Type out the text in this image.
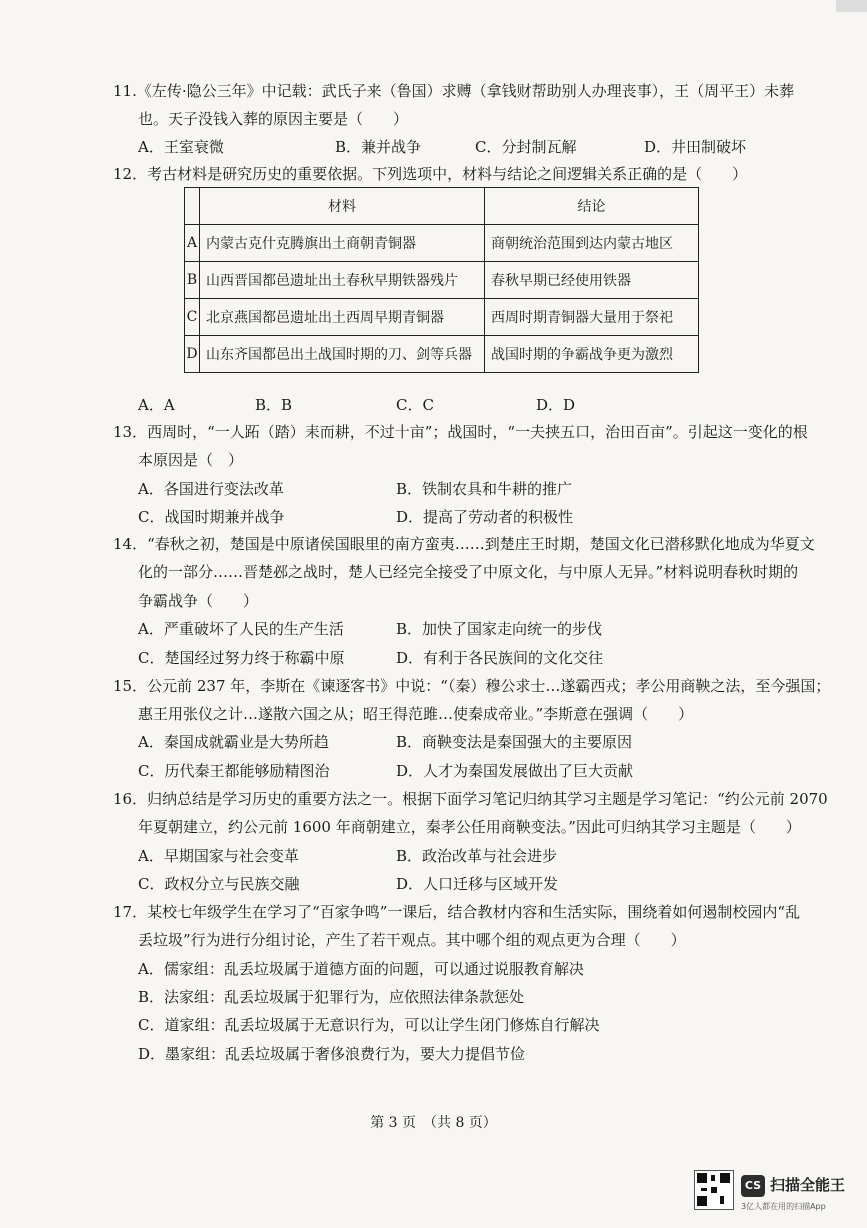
11.《左传·隐公三年》中记载：武氏子来（鲁国）求赙（拿钱财帮助别人办理丧事），王（周平王）未葬
也。天子没钱入葬的原因主要是（　　）
A．王室衰微	B．兼并战争	C．分封制瓦解	D．井田制破坏
12．考古材料是研究历史的重要依据。下列选项中，材料与结论之间逻辑关系正确的是（　　）
	材料	结论
A	内蒙古克什克腾旗出土商朝青铜器	商朝统治范围到达内蒙古地区
B	山西晋国都邑遗址出土春秋早期铁器残片	春秋早期已经使用铁器
C	北京燕国都邑遗址出土西周早期青铜器	西周时期青铜器大量用于祭祀
D	山东齐国都邑出土战国时期的刀、剑等兵器	战国时期的争霸战争更为激烈
A．A	B．B	C．C	D．D
13．西周时，“一人跖（踏）耒而耕，不过十亩”；战国时，“一夫挟五口，治田百亩”。引起这一变化的根
本原因是（　）
A．各国进行变法改革	B．铁制农具和牛耕的推广
C．战国时期兼并战争	D．提高了劳动者的积极性
14．“春秋之初，楚国是中原诸侯国眼里的南方蛮夷……到楚庄王时期，楚国文化已潜移默化地成为华夏文
化的一部分……晋楚邲之战时，楚人已经完全接受了中原文化，与中原人无异。”材料说明春秋时期的
争霸战争（　　）
A．严重破坏了人民的生产生活	B．加快了国家走向统一的步伐
C．楚国经过努力终于称霸中原	D．有利于各民族间的文化交往
15．公元前 237 年，李斯在《谏逐客书》中说：“（秦）穆公求士…遂霸西戎；孝公用商鞅之法，至今强国；
惠王用张仪之计…遂散六国之从；昭王得范雎…使秦成帝业。”李斯意在强调（　　）
A．秦国成就霸业是大势所趋	B．商鞅变法是秦国强大的主要原因
C．历代秦王都能够励精图治	D．人才为秦国发展做出了巨大贡献
16．归纳总结是学习历史的重要方法之一。根据下面学习笔记归纳其学习主题是学习笔记：“约公元前 2070
年夏朝建立，约公元前 1600 年商朝建立，秦孝公任用商鞅变法。”因此可归纳其学习主题是（　　）
A．早期国家与社会变革	B．政治改革与社会进步
C．政权分立与民族交融	D．人口迁移与区域开发
17．某校七年级学生在学习了“百家争鸣”一课后，结合教材内容和生活实际，围绕着如何遏制校园内“乱
丢垃圾”行为进行分组讨论，产生了若干观点。其中哪个组的观点更为合理（　　）
A．儒家组：乱丢垃圾属于道德方面的问题，可以通过说服教育解决
B．法家组：乱丢垃圾属于犯罪行为，应依照法律条款惩处
C．道家组：乱丢垃圾属于无意识行为，可以让学生闭门修炼自行解决
D．墨家组：乱丢垃圾属于奢侈浪费行为，要大力提倡节俭
第 3 页　（共 8 页）
CS 扫描全能王
3亿人都在用的扫描App
